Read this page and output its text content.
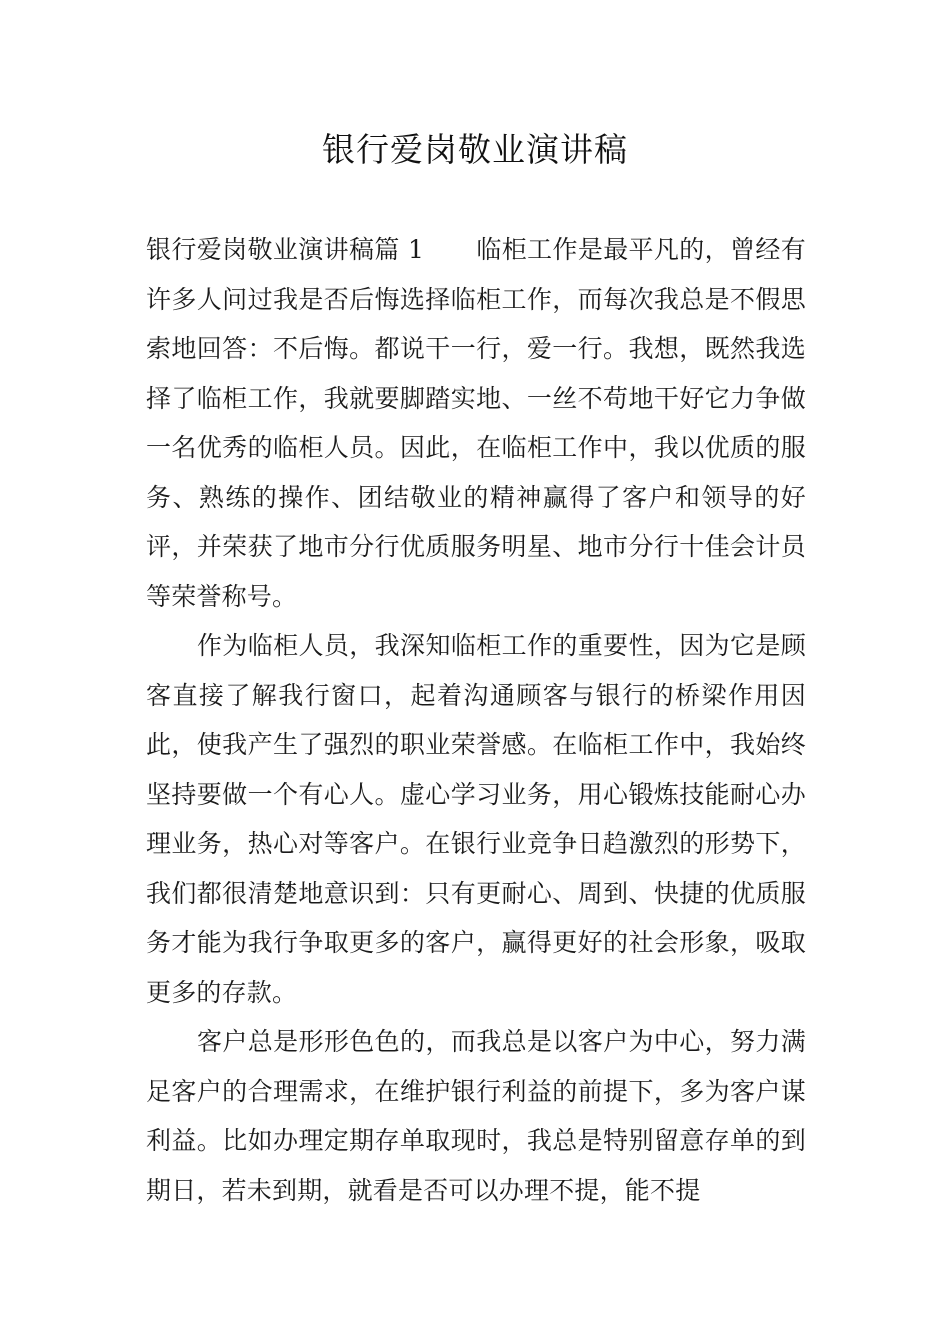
银行爱岗敬业演讲稿

银行爱岗敬业演讲稿篇 1 临柜工作是最平凡的，曾经有许多人问过我是否后悔选择临柜工作，而每次我总是不假思索地回答：不后悔。都说干一行，爱一行。我想，既然我选择了临柜工作，我就要脚踏实地、一丝不苟地干好它力争做一名优秀的临柜人员。因此，在临柜工作中，我以优质的服务、熟练的操作、团结敬业的精神赢得了客户和领导的好评，并荣获了地市分行优质服务明星、地市分行十佳会计员等荣誉称号。

作为临柜人员，我深知临柜工作的重要性，因为它是顾客直接了解我行窗口，起着沟通顾客与银行的桥梁作用因此，使我产生了强烈的职业荣誉感。在临柜工作中，我始终坚持要做一个有心人。虚心学习业务，用心锻炼技能耐心办理业务，热心对等客户。在银行业竞争日趋激烈的形势下，我们都很清楚地意识到：只有更耐心、周到、快捷的优质服务才能为我行争取更多的客户，赢得更好的社会形象，吸取更多的存款。

客户总是形形色色的，而我总是以客户为中心，努力满足客户的合理需求，在维护银行利益的前提下，多为客户谋利益。比如办理定期存单取现时，我总是特别留意存单的到期日，若未到期，就看是否可以办理不提，能不提
